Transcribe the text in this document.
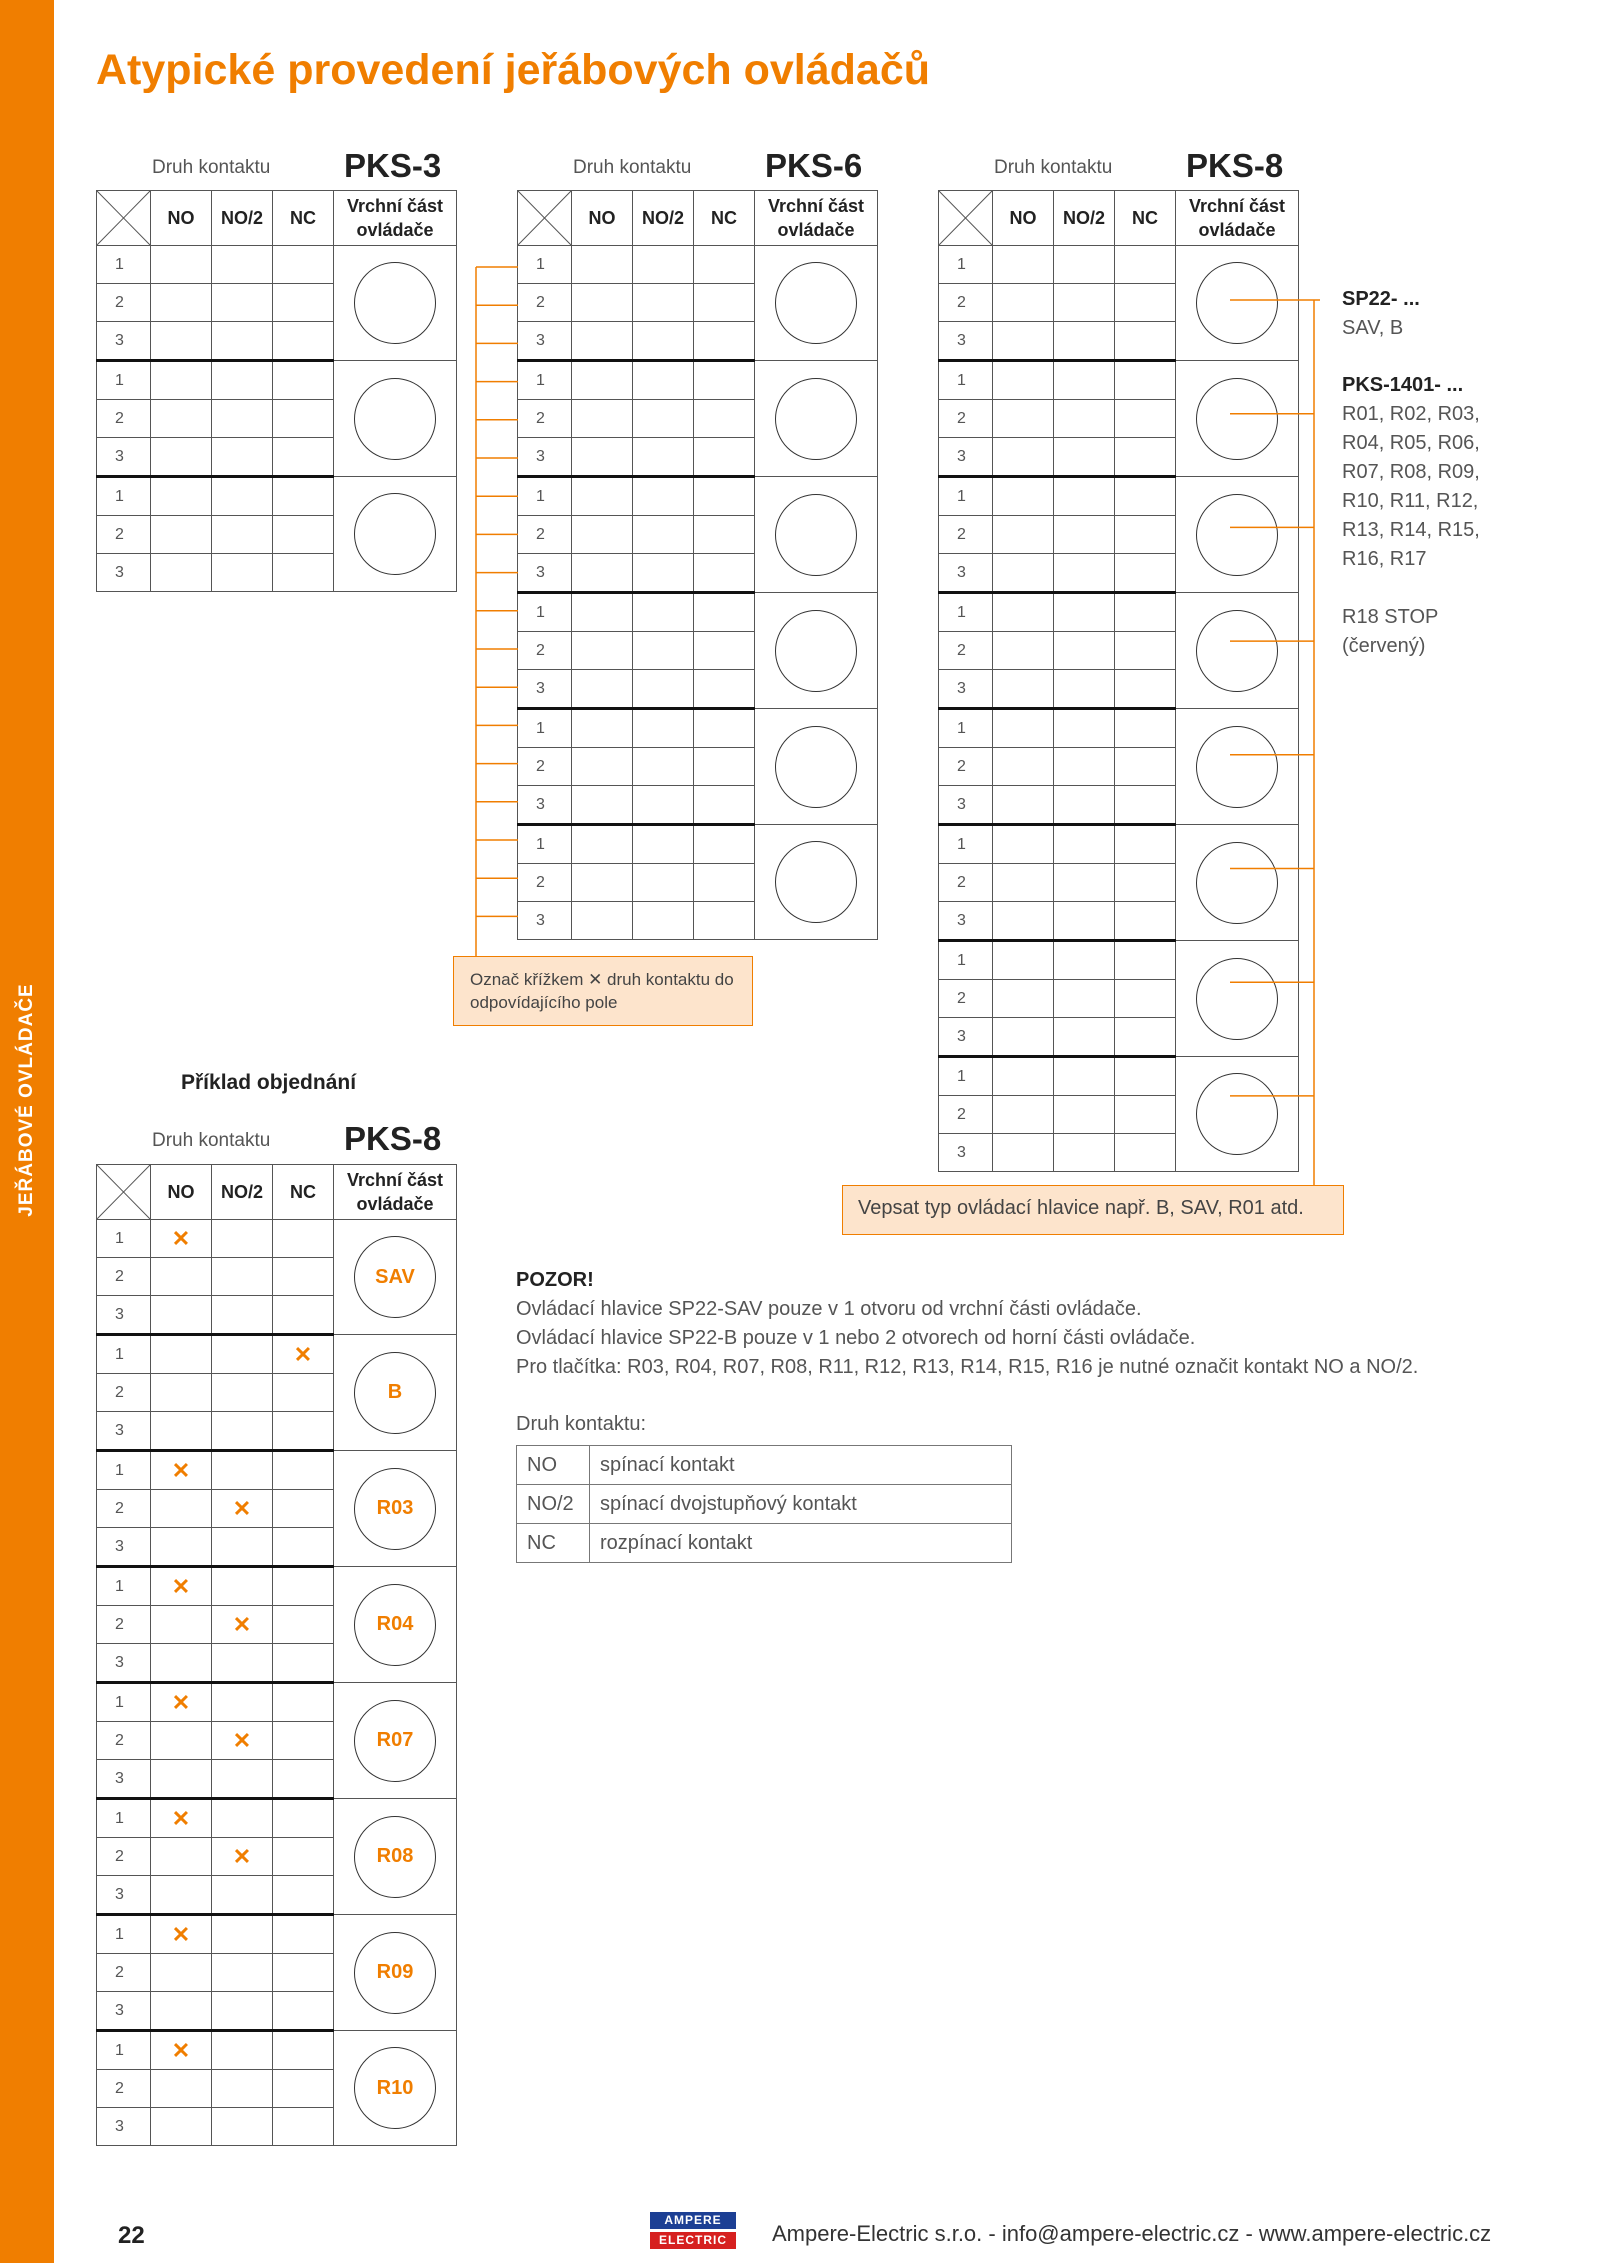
JEŘÁBOVÉ OVLÁDAČE
Atypické provedení jeřábových ovládačů
Druh kontaktu PKS-3	Druh kontaktu PKS-6	Druh kontaktu PKS-8
	NO	NO/2	NC	Vrchní část ovládače
1				

2				
3				
1				

2				
3				
1				

2				
3				
	NO	NO/2	NC	Vrchní část ovládače
1				

2				
3				
1				

2				
3				
1				

2				
3				
1				

2				
3				
1				

2				
3				
1				

2				
3				
	NO	NO/2	NC	Vrchní část ovládače
1				

2				
3				
1				

2				
3				
1				

2				
3				
1				

2				
3				
1				

2				
3				
1				

2				
3				
1				

2				
3				
1				

2				
3				
Označ křížkem ✕ druh kontaktu do odpovídajícího pole
Vepsat typ ovládací hlavice např. B, SAV, R01 atd.
SP22- ...
SAV, B
PKS-1401- ...
R01, R02, R03,
R04, R05, R06,
R07, R08, R09,
R10, R11, R12,
R13, R14, R15,
R16, R17
R18 STOP
(červený)
Příklad objednání
Druh kontaktu PKS-8
	NO	NO/2	NC	Vrchní část ovládače
1	✕			SAV

2				
3				
1			✕	B

2				
3				
1	✕			R03

2		✕		
3				
1	✕			R04

2		✕		
3				
1	✕			R07

2		✕		
3				
1	✕			R08

2		✕		
3				
1	✕			R09

2				
3				
1	✕			R10

2				
3				
POZOR!
Ovládací hlavice SP22-SAV pouze v 1 otvoru od vrchní části ovládače.
Ovládací hlavice SP22-B pouze v 1 nebo 2 otvorech od horní části ovládače.
Pro tlačítka: R03, R04, R07, R08, R11, R12, R13, R14, R15, R16 je nutné označit kontakt NO a NO/2.
Druh kontaktu:
NO	spínací kontakt
NO/2	spínací dvojstupňový kontakt
NC	rozpínací kontakt
22
AMPERE
ELECTRIC	Ampere-Electric s.r.o. - info@ampere-electric.cz - www.ampere-electric.cz
